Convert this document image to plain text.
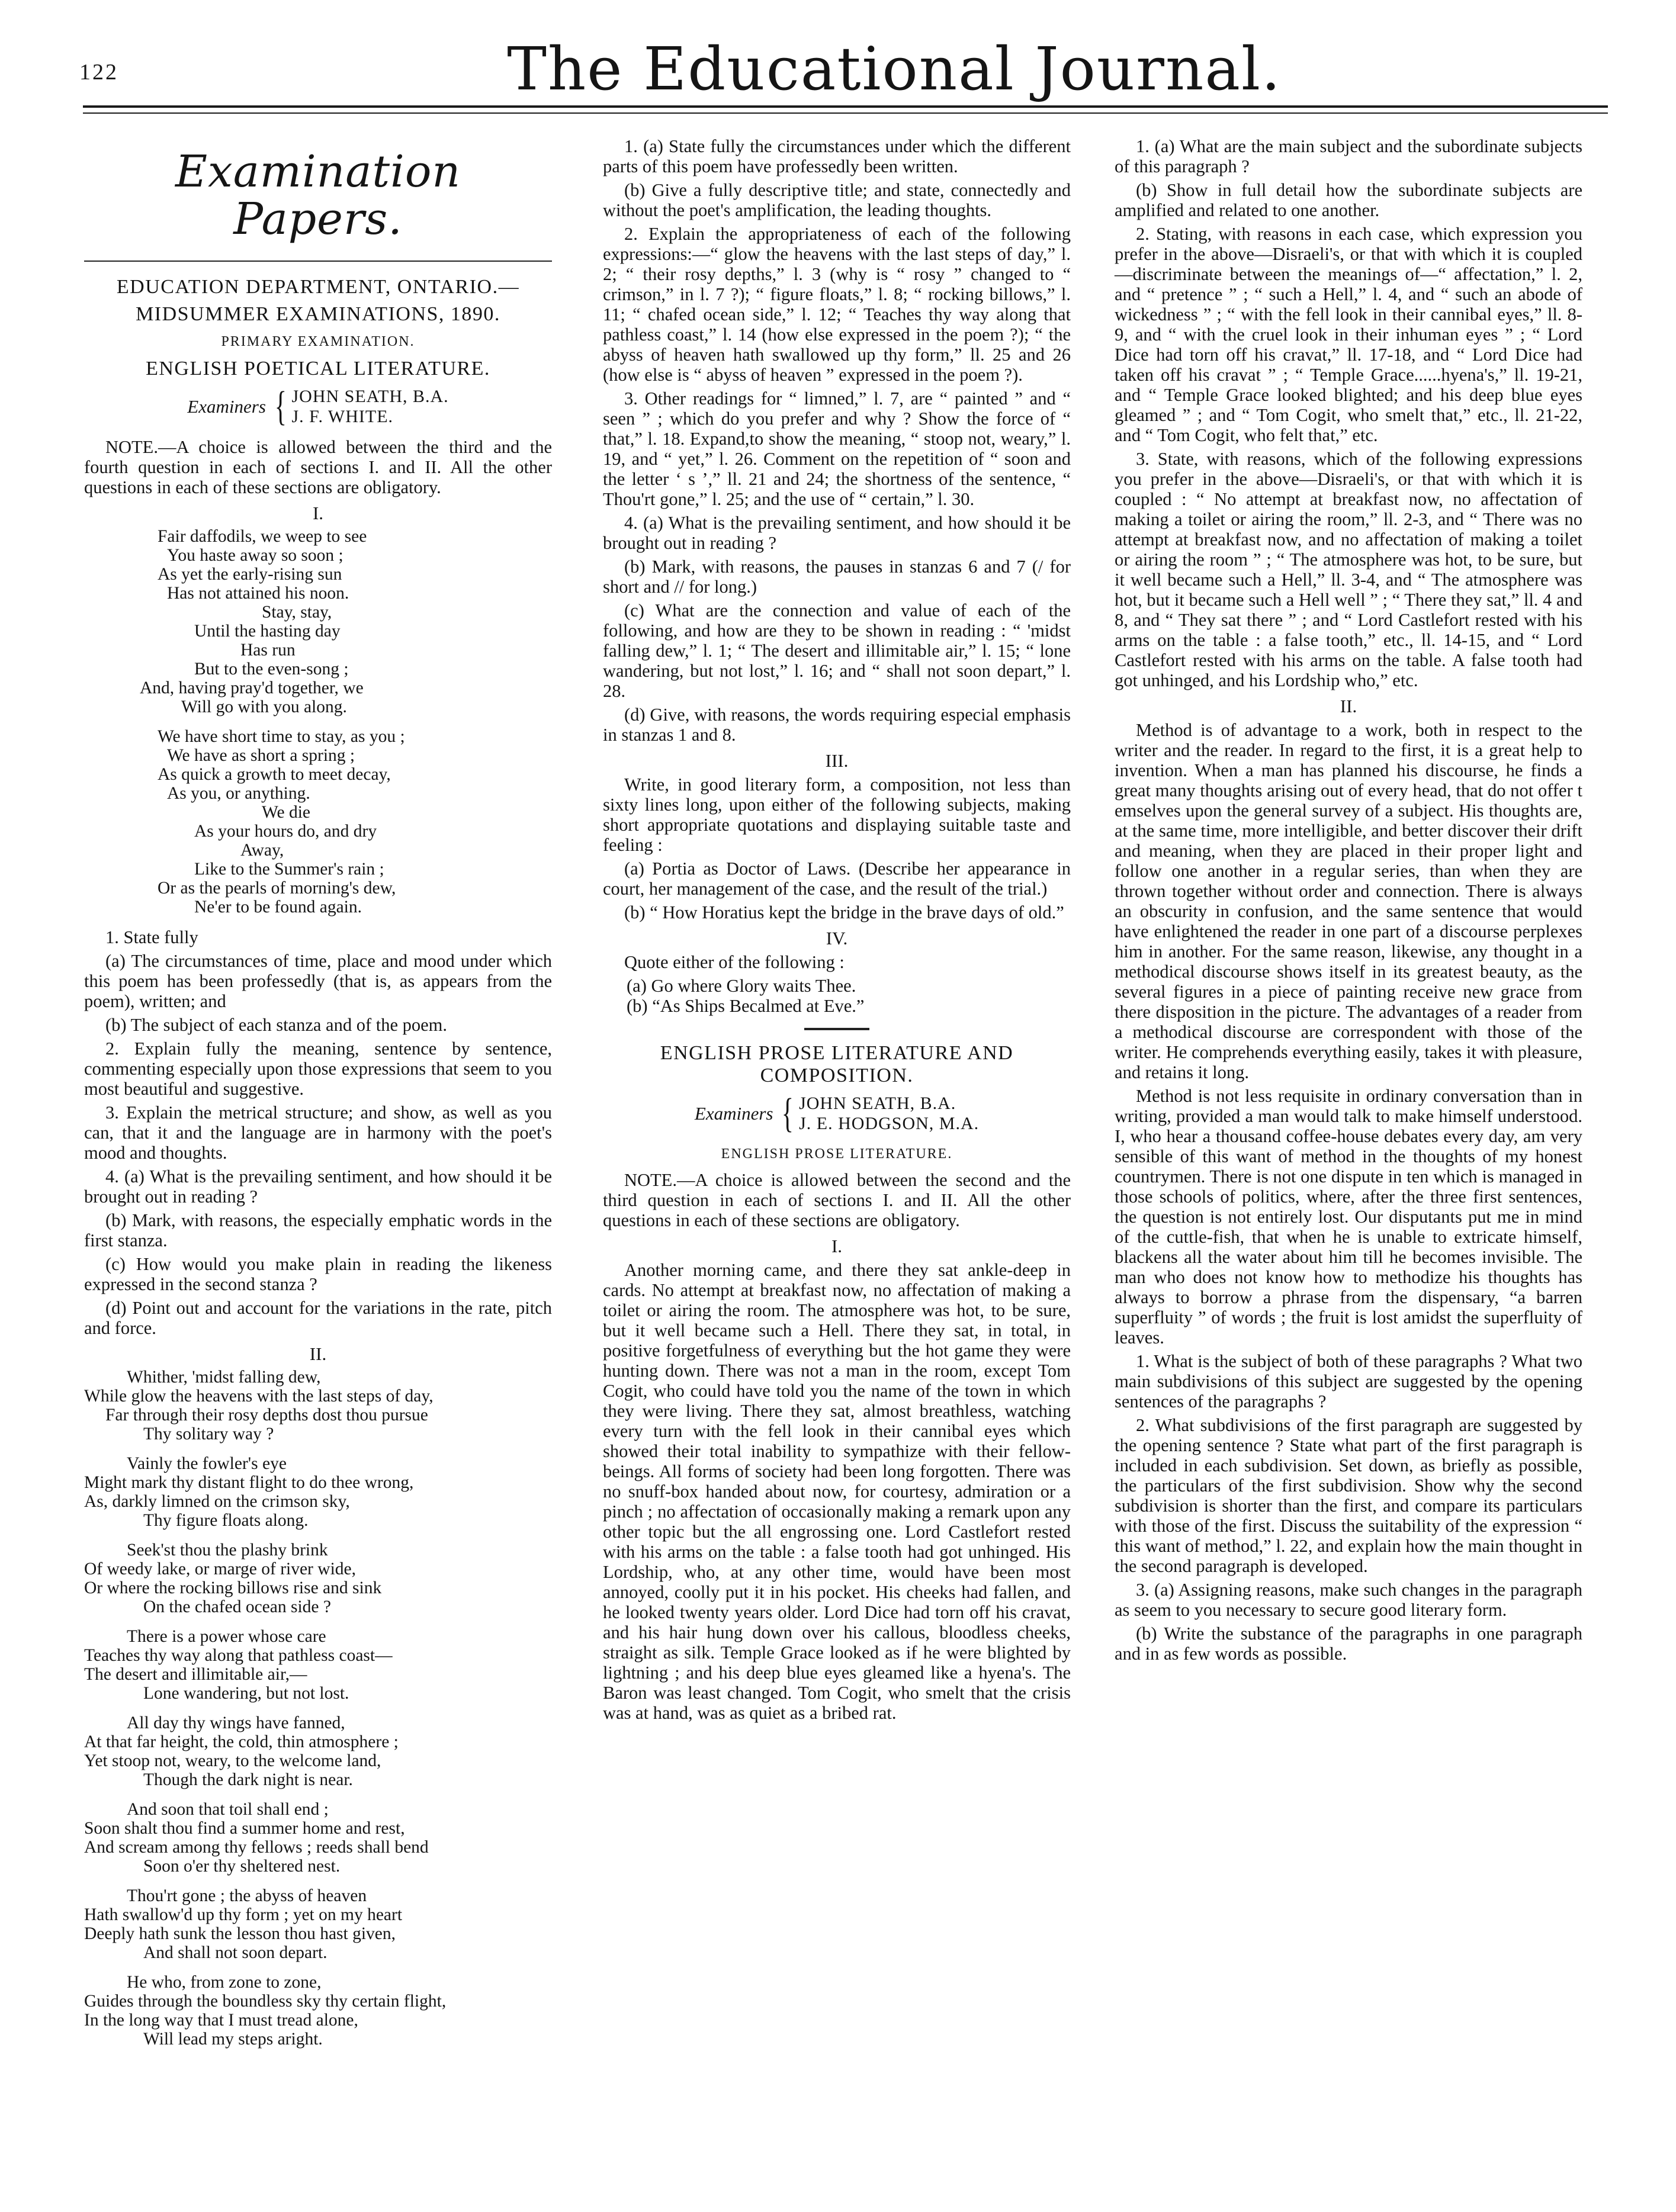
122	The Educational Journal.
Examination Papers.
EDUCATION DEPARTMENT, ONTARIO.—
MIDSUMMER EXAMINATIONS, 1890.
PRIMARY EXAMINATION.
ENGLISH POETICAL LITERATURE.
Examiners { JOHN SEATH, B.A.
J. F. WHITE.

NOTE.—A choice is allowed between the third and the fourth question in each of sections I. and II. All the other questions in each of these sections are obligatory.

I.
Fair daffodils, we weep to see
You haste away so soon ;
As yet the early-rising sun
Has not attained his noon.
Stay, stay,
Until the hasting day
Has run
But to the even-song ;
And, having pray'd together, we
Will go with you along.
We have short time to stay, as you ;
We have as short a spring ;
As quick a growth to meet decay,
As you, or anything.
We die
As your hours do, and dry
Away,
Like to the Summer's rain ;
Or as the pearls of morning's dew,
Ne'er to be found again.

1. State fully

(a) The circumstances of time, place and mood under which this poem has been professedly (that is, as appears from the poem), written; and

(b) The subject of each stanza and of the poem.

2. Explain fully the meaning, sentence by sentence, commenting especially upon those expressions that seem to you most beautiful and suggestive.

3. Explain the metrical structure; and show, as well as you can, that it and the language are in harmony with the poet's mood and thoughts.

4. (a) What is the prevailing sentiment, and how should it be brought out in reading ?

(b) Mark, with reasons, the especially emphatic words in the first stanza.

(c) How would you make plain in reading the likeness expressed in the second stanza ?

(d) Point out and account for the variations in the rate, pitch and force.

II.
Whither, 'midst falling dew,
While glow the heavens with the last steps of day,
Far through their rosy depths dost thou pursue
Thy solitary way ?
Vainly the fowler's eye
Might mark thy distant flight to do thee wrong,
As, darkly limned on the crimson sky,
Thy figure floats along.
Seek'st thou the plashy brink
Of weedy lake, or marge of river wide,
Or where the rocking billows rise and sink
On the chafed ocean side ?
There is a power whose care
Teaches thy way along that pathless coast—
The desert and illimitable air,—
Lone wandering, but not lost.
All day thy wings have fanned,
At that far height, the cold, thin atmosphere ;
Yet stoop not, weary, to the welcome land,
Though the dark night is near.
And soon that toil shall end ;
Soon shalt thou find a summer home and rest,
And scream among thy fellows ; reeds shall bend
Soon o'er thy sheltered nest.
Thou'rt gone ; the abyss of heaven
Hath swallow'd up thy form ; yet on my heart
Deeply hath sunk the lesson thou hast given,
And shall not soon depart.
He who, from zone to zone,
Guides through the boundless sky thy certain flight,
In the long way that I must tread alone,
Will lead my steps aright.

1. (a) State fully the circumstances under which the different parts of this poem have professedly been written.

(b) Give a fully descriptive title; and state, connectedly and without the poet's amplification, the leading thoughts.

2. Explain the appropriateness of each of the following expressions:—“ glow the heavens with the last steps of day,” l. 2; “ their rosy depths,” l. 3 (why is “ rosy ” changed to “ crimson,” in l. 7 ?); “ figure floats,” l. 8; “ rocking billows,” l. 11; “ chafed ocean side,” l. 12; “ Teaches thy way along that pathless coast,” l. 14 (how else expressed in the poem ?); “ the abyss of heaven hath swallowed up thy form,” ll. 25 and 26 (how else is “ abyss of heaven ” expressed in the poem ?).

3. Other readings for “ limned,” l. 7, are “ painted ” and “ seen ” ; which do you prefer and why ? Show the force of “ that,” l. 18. Expand,to show the meaning, “ stoop not, weary,” l. 19, and “ yet,” l. 26. Comment on the repetition of “ soon and the letter ‘ s ’,” ll. 21 and 24; the shortness of the sentence, “ Thou'rt gone,” l. 25; and the use of “ certain,” l. 30.

4. (a) What is the prevailing sentiment, and how should it be brought out in reading ?

(b) Mark, with reasons, the pauses in stanzas 6 and 7 (/ for short and // for long.)

(c) What are the connection and value of each of the following, and how are they to be shown in reading : “ 'midst falling dew,” l. 1; “ The desert and illimitable air,” l. 15; “ lone wandering, but not lost,” l. 16; and “ shall not soon depart,” l. 28.

(d) Give, with reasons, the words requiring especial emphasis in stanzas 1 and 8.

III.

Write, in good literary form, a composition, not less than sixty lines long, upon either of the following subjects, making short appropriate quotations and displaying suitable taste and feeling :

(a) Portia as Doctor of Laws. (Describe her appearance in court, her management of the case, and the result of the trial.)

(b) “ How Horatius kept the bridge in the brave days of old.”

IV.

Quote either of the following :

(a) Go where Glory waits Thee.

(b) “As Ships Becalmed at Eve.”

ENGLISH PROSE LITERATURE AND COMPOSITION.
Examiners { JOHN SEATH, B.A.
J. E. HODGSON, M.A.
ENGLISH PROSE LITERATURE.

NOTE.—A choice is allowed between the second and the third question in each of sections I. and II. All the other questions in each of these sections are obligatory.

I.

Another morning came, and there they sat ankle-deep in cards. No attempt at breakfast now, no affectation of making a toilet or airing the room. The atmosphere was hot, to be sure, but it well became such a Hell. There they sat, in total, in positive forgetfulness of everything but the hot game they were hunting down. There was not a man in the room, except Tom Cogit, who could have told you the name of the town in which they were living. There they sat, almost breathless, watching every turn with the fell look in their cannibal eyes which showed their total inability to sympathize with their fellow-beings. All forms of society had been long forgotten. There was no snuff-box handed about now, for courtesy, admiration or a pinch ; no affectation of occasionally making a remark upon any other topic but the all engrossing one. Lord Castlefort rested with his arms on the table : a false tooth had got unhinged. His Lordship, who, at any other time, would have been most annoyed, coolly put it in his pocket. His cheeks had fallen, and he looked twenty years older. Lord Dice had torn off his cravat, and his hair hung down over his callous, bloodless cheeks, straight as silk. Temple Grace looked as if he were blighted by lightning ; and his deep blue eyes gleamed like a hyena's. The Baron was least changed. Tom Cogit, who smelt that the crisis was at hand, was as quiet as a bribed rat.

1. (a) What are the main subject and the subordinate subjects of this paragraph ?

(b) Show in full detail how the subordinate subjects are amplified and related to one another.

2. Stating, with reasons in each case, which expression you prefer in the above—Disraeli's, or that with which it is coupled—discriminate between the meanings of—“ affectation,” l. 2, and “ pretence ” ; “ such a Hell,” l. 4, and “ such an abode of wickedness ” ; “ with the fell look in their cannibal eyes,” ll. 8-9, and “ with the cruel look in their inhuman eyes ” ; “ Lord Dice had torn off his cravat,” ll. 17-18, and “ Lord Dice had taken off his cravat ” ; “ Temple Grace......hyena's,” ll. 19-21, and “ Temple Grace looked blighted; and his deep blue eyes gleamed ” ; and “ Tom Cogit, who smelt that,” etc., ll. 21-22, and “ Tom Cogit, who felt that,” etc.

3. State, with reasons, which of the following expressions you prefer in the above—Disraeli's, or that with which it is coupled : “ No attempt at breakfast now, no affectation of making a toilet or airing the room,” ll. 2-3, and “ There was no attempt at breakfast now, and no affectation of making a toilet or airing the room ” ; “ The atmosphere was hot, to be sure, but it well became such a Hell,” ll. 3-4, and “ The atmosphere was hot, but it became such a Hell well ” ; “ There they sat,” ll. 4 and 8, and “ They sat there ” ; and “ Lord Castlefort rested with his arms on the table : a false tooth,” etc., ll. 14-15, and “ Lord Castlefort rested with his arms on the table. A false tooth had got unhinged, and his Lordship who,” etc.

II.

Method is of advantage to a work, both in respect to the writer and the reader. In regard to the first, it is a great help to invention. When a man has planned his discourse, he finds a great many thoughts arising out of every head, that do not offer t emselves upon the general survey of a subject. His thoughts are, at the same time, more intelligible, and better discover their drift and meaning, when they are placed in their proper light and follow one another in a regular series, than when they are thrown together without order and connection. There is always an obscurity in confusion, and the same sentence that would have enlightened the reader in one part of a discourse perplexes him in another. For the same reason, likewise, any thought in a methodical discourse shows itself in its greatest beauty, as the several figures in a piece of painting receive new grace from there disposition in the picture. The advantages of a reader from a methodical discourse are correspondent with those of the writer. He comprehends everything easily, takes it with pleasure, and retains it long.

Method is not less requisite in ordinary conversation than in writing, provided a man would talk to make himself understood. I, who hear a thousand coffee-house debates every day, am very sensible of this want of method in the thoughts of my honest countrymen. There is not one dispute in ten which is managed in those schools of politics, where, after the three first sentences, the question is not entirely lost. Our disputants put me in mind of the cuttle-fish, that when he is unable to extricate himself, blackens all the water about him till he becomes invisible. The man who does not know how to methodize his thoughts has always to borrow a phrase from the dispensary, “a barren superfluity ” of words ; the fruit is lost amidst the superfluity of leaves.

1. What is the subject of both of these paragraphs ? What two main subdivisions of this subject are suggested by the opening sentences of the paragraphs ?

2. What subdivisions of the first paragraph are suggested by the opening sentence ? State what part of the first paragraph is included in each subdivision. Set down, as briefly as possible, the particulars of the first subdivision. Show why the second subdivision is shorter than the first, and compare its particulars with those of the first. Discuss the suitability of the expression “ this want of method,” l. 22, and explain how the main thought in the second paragraph is developed.

3. (a) Assigning reasons, make such changes in the paragraph as seem to you necessary to secure good literary form.

(b) Write the substance of the paragraphs in one paragraph and in as few words as possible.
